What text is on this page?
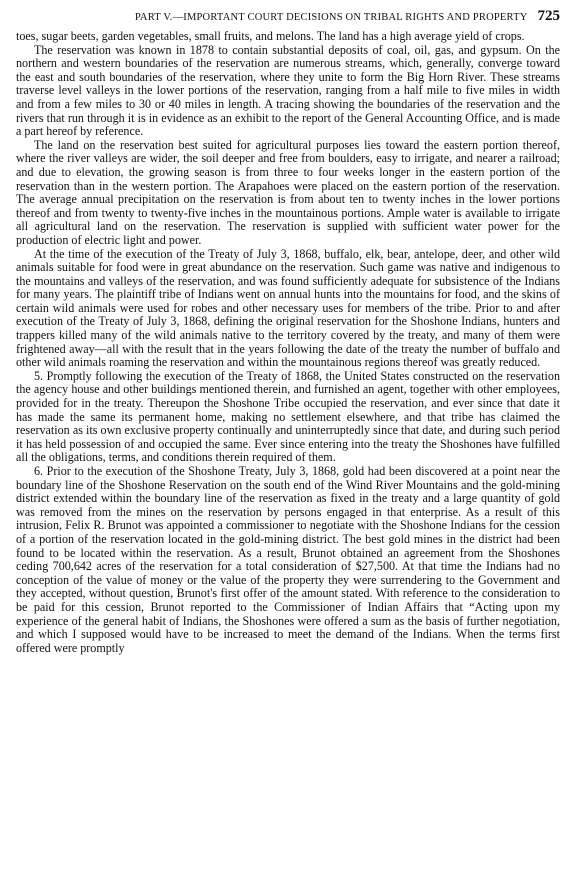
PART V.—IMPORTANT COURT DECISIONS ON TRIBAL RIGHTS AND PROPERTY 725

toes, sugar beets, garden vegetables, small fruits, and melons. The land has a high average yield of crops.

The reservation was known in 1878 to contain substantial deposits of coal, oil, gas, and gypsum. On the northern and western boundaries of the reservation are numerous streams, which, generally, converge toward the east and south boundaries of the reservation, where they unite to form the Big Horn River. These streams traverse level valleys in the lower portions of the reservation, ranging from a half mile to five miles in width and from a few miles to 30 or 40 miles in length. A tracing showing the boundaries of the reservation and the rivers that run through it is in evidence as an exhibit to the report of the General Accounting Office, and is made a part hereof by reference.

The land on the reservation best suited for agricultural purposes lies toward the eastern portion thereof, where the river valleys are wider, the soil deeper and free from boulders, easy to irrigate, and nearer a railroad; and due to elevation, the growing season is from three to four weeks longer in the eastern portion of the reservation than in the western portion. The Arapahoes were placed on the eastern portion of the reservation. The average annual precipitation on the reservation is from about ten to twenty inches in the lower portions thereof and from twenty to twenty-five inches in the mountainous portions. Ample water is available to irrigate all agricultural land on the reservation. The reservation is supplied with sufficient water power for the production of electric light and power.

At the time of the execution of the Treaty of July 3, 1868, buffalo, elk, bear, antelope, deer, and other wild animals suitable for food were in great abundance on the reservation. Such game was native and indigenous to the mountains and valleys of the reservation, and was found sufficiently adequate for subsistence of the Indians for many years. The plaintiff tribe of Indians went on annual hunts into the mountains for food, and the skins of certain wild animals were used for robes and other necessary uses for members of the tribe. Prior to and after execution of the Treaty of July 3, 1868, defining the original reservation for the Shoshone Indians, hunters and trappers killed many of the wild animals native to the territory covered by the treaty, and many of them were frightened away—all with the result that in the years following the date of the treaty the number of buffalo and other wild animals roaming the reservation and within the mountainous regions thereof was greatly reduced.

5. Promptly following the execution of the Treaty of 1868, the United States constructed on the reservation the agency house and other buildings mentioned therein, and furnished an agent, together with other employees, provided for in the treaty. Thereupon the Shoshone Tribe occupied the reservation, and ever since that date it has made the same its permanent home, making no settlement elsewhere, and that tribe has claimed the reservation as its own exclusive property continually and uninterruptedly since that date, and during such period it has held possession of and occupied the same. Ever since entering into the treaty the Shoshones have fulfilled all the obligations, terms, and conditions therein required of them.

6. Prior to the execution of the Shoshone Treaty, July 3, 1868, gold had been discovered at a point near the boundary line of the Shoshone Reservation on the south end of the Wind River Mountains and the gold-mining district extended within the boundary line of the reservation as fixed in the treaty and a large quantity of gold was removed from the mines on the reservation by persons engaged in that enterprise. As a result of this intrusion, Felix R. Brunot was appointed a commissioner to negotiate with the Shoshone Indians for the cession of a portion of the reservation located in the gold-mining district. The best gold mines in the district had been found to be located within the reservation. As a result, Brunot obtained an agreement from the Shoshones ceding 700,642 acres of the reservation for a total consideration of $27,500. At that time the Indians had no conception of the value of money or the value of the property they were surrendering to the Government and they accepted, without question, Brunot's first offer of the amount stated. With reference to the consideration to be paid for this cession, Brunot reported to the Commissioner of Indian Affairs that “Acting upon my experience of the general habit of Indians, the Shoshones were offered a sum as the basis of further negotiation, and which I supposed would have to be increased to meet the demand of the Indians. When the terms first offered were promptly
